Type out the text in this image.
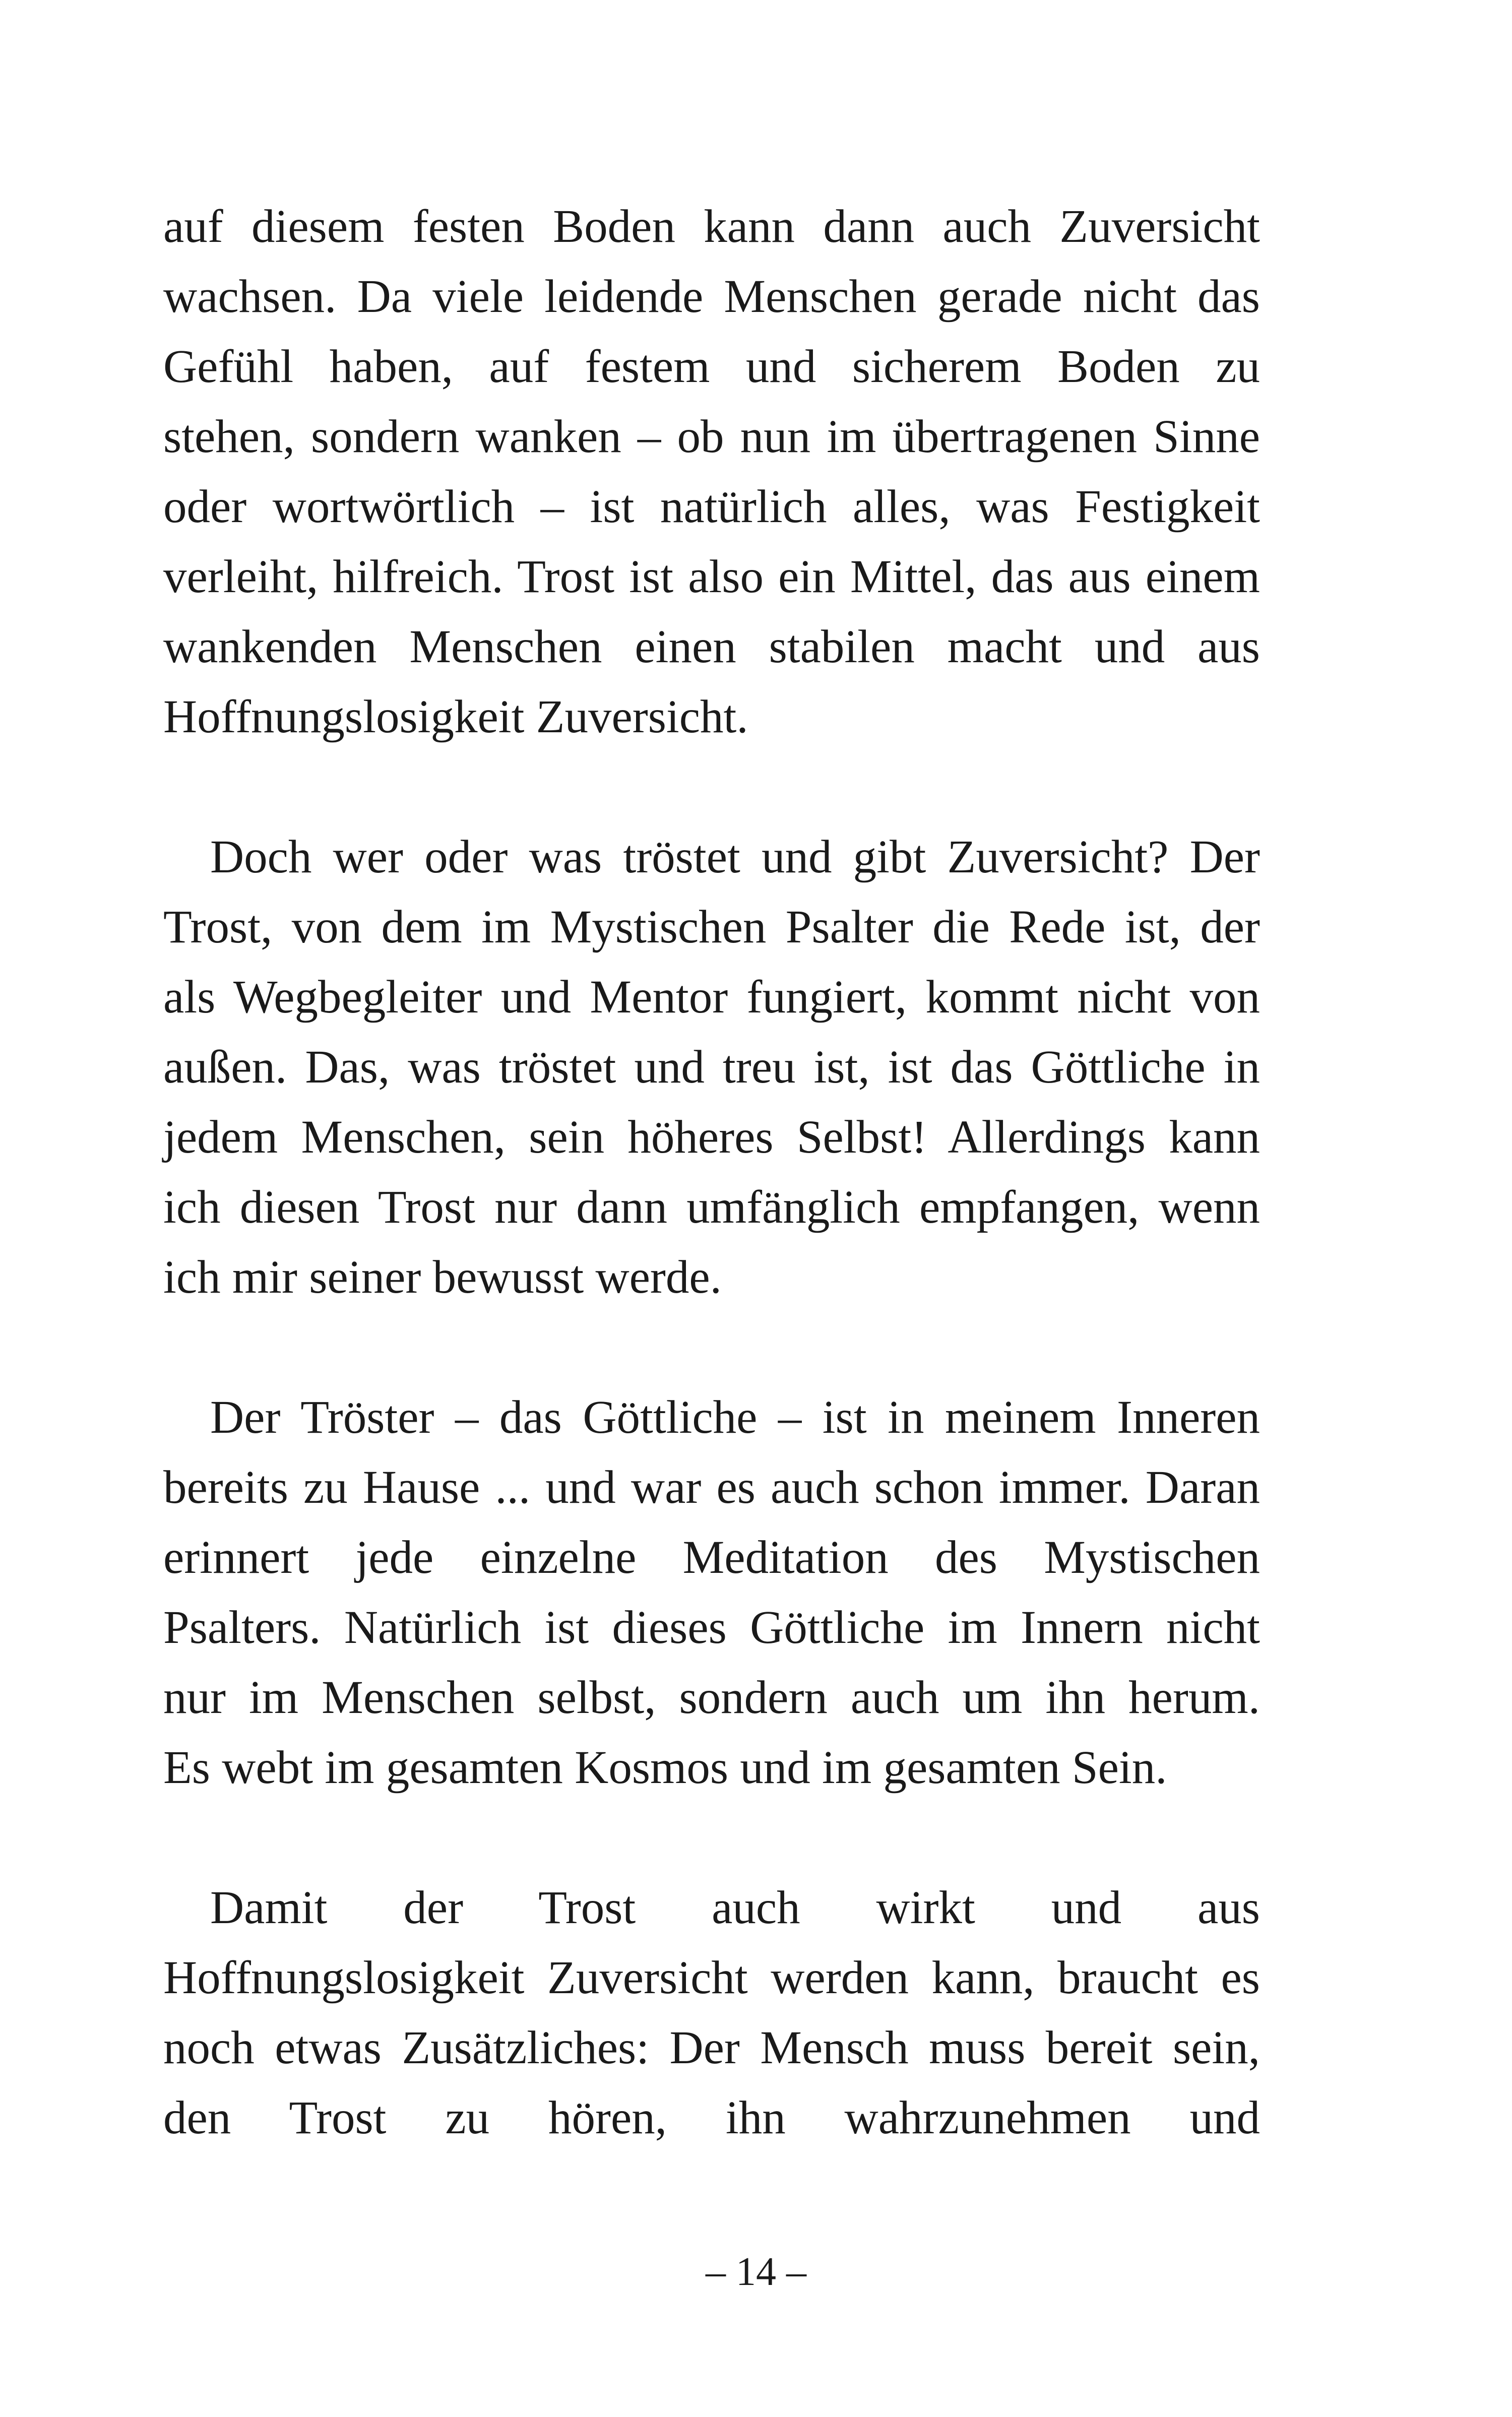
auf diesem festen Boden kann dann auch Zuversicht
wachsen. Da viele leidende Menschen gerade nicht das
Gefühl haben, auf festem und sicherem Boden zu
stehen, sondern wanken – ob nun im übertragenen Sinne
oder wortwörtlich – ist natürlich alles, was Festigkeit
verleiht, hilfreich. Trost ist also ein Mittel, das aus einem
wankenden Menschen einen stabilen macht und aus
Hoffnungslosigkeit Zuversicht.

Doch wer oder was tröstet und gibt Zuversicht? Der
Trost, von dem im Mystischen Psalter die Rede ist, der
als Wegbegleiter und Mentor fungiert, kommt nicht von
außen. Das, was tröstet und treu ist, ist das Göttliche in
jedem Menschen, sein höheres Selbst! Allerdings kann
ich diesen Trost nur dann umfänglich empfangen, wenn
ich mir seiner bewusst werde.

Der Tröster – das Göttliche – ist in meinem Inneren
bereits zu Hause ... und war es auch schon immer. Daran
erinnert jede einzelne Meditation des Mystischen
Psalters. Natürlich ist dieses Göttliche im Innern nicht
nur im Menschen selbst, sondern auch um ihn herum.
Es webt im gesamten Kosmos und im gesamten Sein.

Damit der Trost auch wirkt und aus
Hoffnungslosigkeit Zuversicht werden kann, braucht es
noch etwas Zusätzliches: Der Mensch muss bereit sein,
den Trost zu hören, ihn wahrzunehmen und

– 14 –
